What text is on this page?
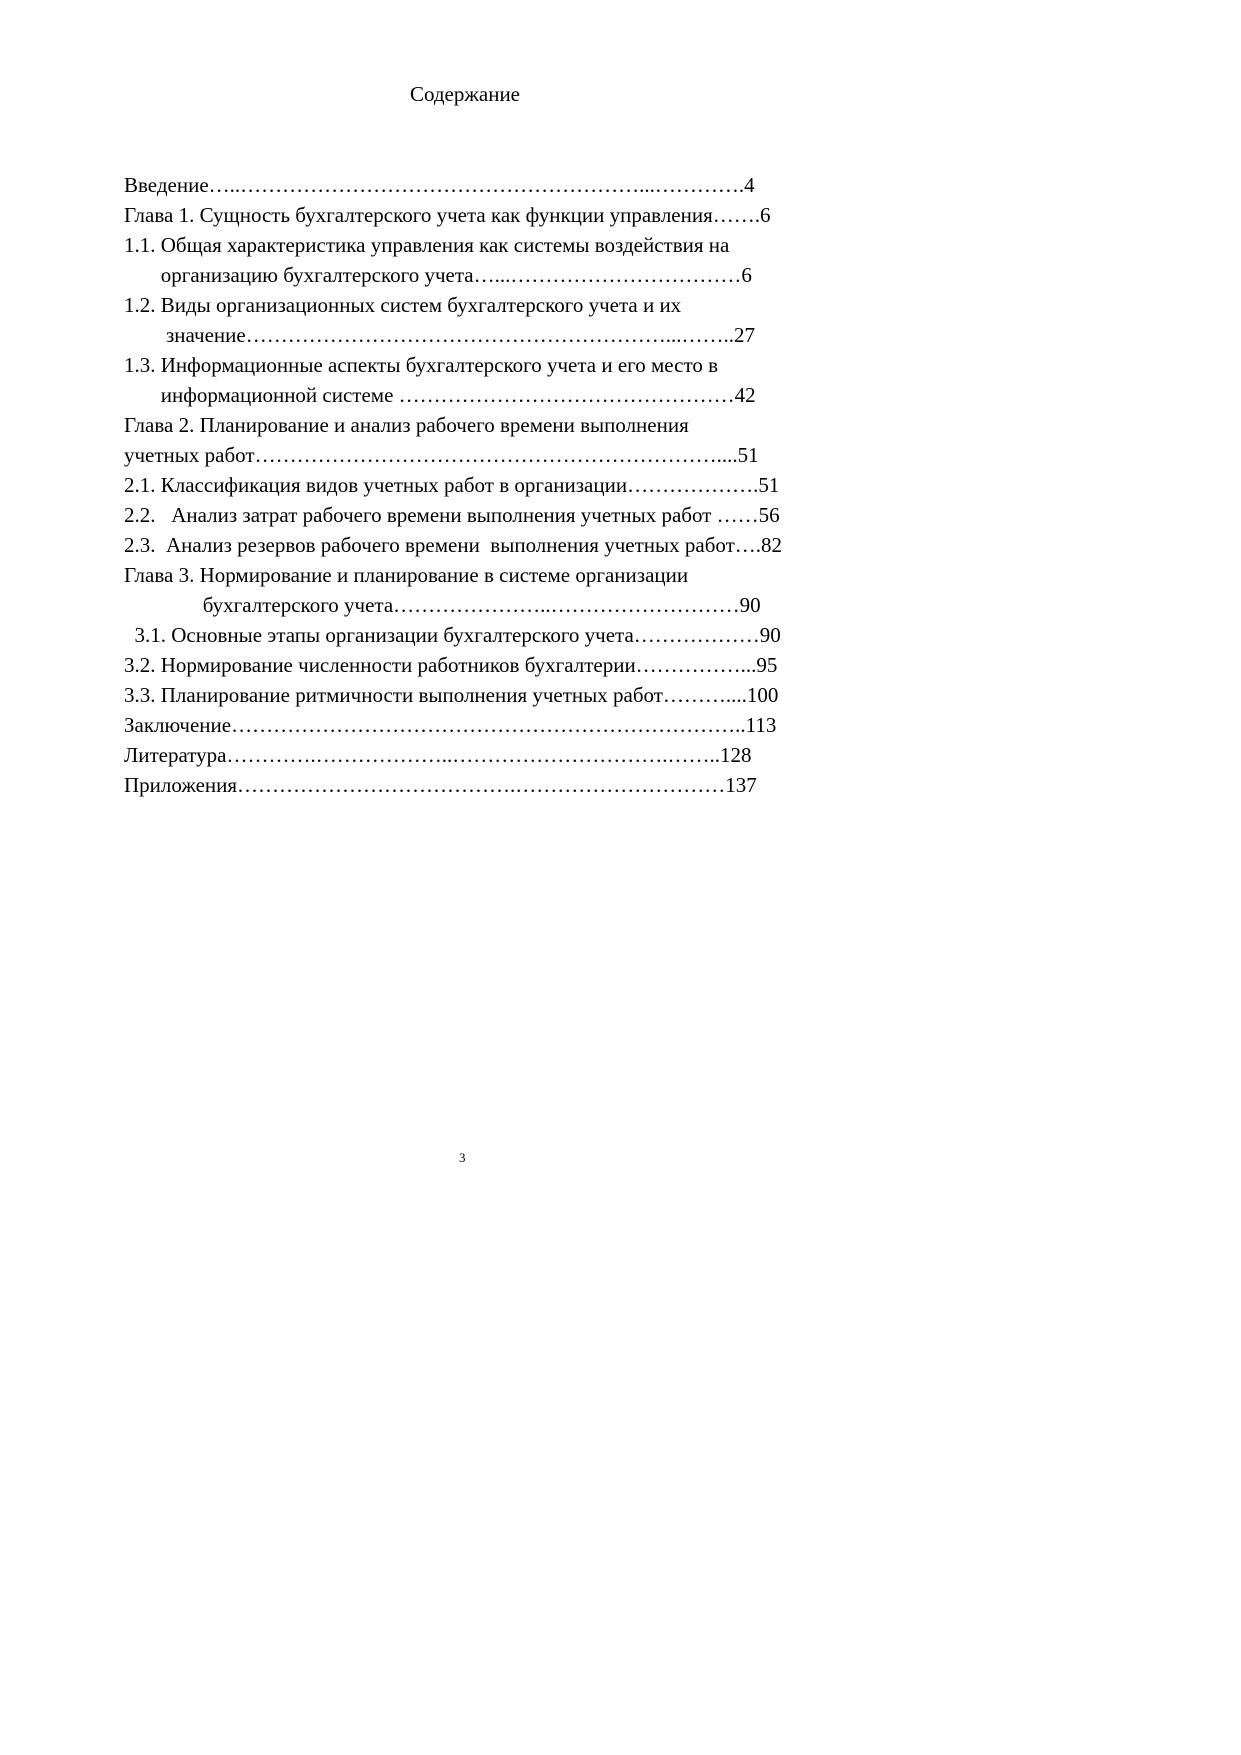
Содержание
Введение…..…………………………………………………...………….4
Глава 1. Сущность бухгалтерского учета как функции управления…….6
1.1. Общая характеристика управления как системы воздействия на
организацию бухгалтерского учета…...……………………………6
1.2. Виды организационных систем бухгалтерского учета и их
значение……………………………………………………...……..27
1.3. Информационные аспекты бухгалтерского учета и его место в
информационной системе …………………………………………42
Глава 2. Планирование и анализ рабочего времени выполнения
учетных работ…………………………………………………………....51
2.1. Классификация видов учетных работ в организации……………….51
2.2.   Анализ затрат рабочего времени выполнения учетных работ ……56
2.3.  Анализ резервов рабочего времени  выполнения учетных работ….82
Глава 3. Нормирование и планирование в системе организации
бухгалтерского учета…………………..………………………90
3.1. Основные этапы организации бухгалтерского учета………………90
3.2. Нормирование численности работников бухгалтерии……………...95
3.3. Планирование ритмичности выполнения учетных работ………....100
Заключение………………………………………………………………..113
Литература………….………………..………………………….……..128
Приложения………………………………….…………………………137
3
